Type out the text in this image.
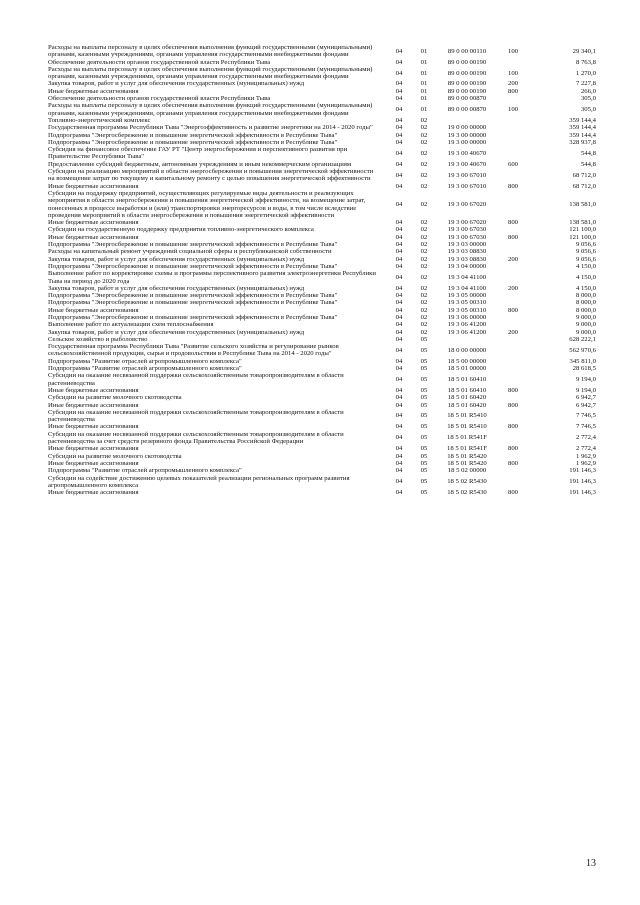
Расходы на выплаты персоналу в целях обеспечения выполнения функций государственными (муниципальными) органами, казенными учреждениями, органами управления государственными внебюджетными фондами
04	01	89 0 00 00110	100	29 340,1
Обеспечение деятельности органов государственной власти Республики Тыва	04	01	89 0 00 00190	8 763,8
Расходы на выплаты персоналу в целях обеспечения выполнения функций государственными (муниципальными) органами, казенными учреждениями, органами управления государственными внебюджетными фондами
04	01	89 0 00 00190	100	1 270,0
Закупка товаров, работ и услуг для обеспечения государственных (муниципальных) нужд	04	01	89 0 00 00190	200	7 227,8
Иные бюджетные ассигнования	04	01	89 0 00 00190	800	266,0
Обеспечение деятельности органов государственной власти Республики Тыва	04	01	89 0 00 00870	305,0
Расходы на выплаты персоналу в целях обеспечения выполнения функций государственными (муниципальными) органами, казенными учреждениями, органами управления государственными внебюджетными фондами
04	01	89 0 00 00870	100	305,0
Топливно-энергетический комплекс	04	02	359 144,4
Государственная программа Республики Тыва "Энергоэффективность и развитие энергетики на 2014 - 2020 годы"	04	02	19 0 00 00000	359 144,4
Подпрограмма "Энергосбережение и повышение энергетической эффективности в Республике Тыва"	04	02	19 3 00 00000	359 144,4
Подпрограмма "Энергосбережение и повышение энергетической эффективности в Республике Тыва"	04	02	19 3 00 00000	328 937,8
Субсидия на финансовое обеспечение ГАУ РТ "Центр энергосбережения и перспективного развития при Правительстве Республики Тыва"
04	02	19 3 00 40670	544,8
Предоставление субсидий бюджетным, автономным учреждениям и иным некоммерческим организациям	04	02	19 3 00 40670	600	544,8
Субсидии на реализацию мероприятий в области энергосбережения и повышения энергетической эффективности на возмещение затрат по текущему и капитальному ремонту с целью повышения энергетической эффективности
04	02	19 3 00 67010	68 712,0
Иные бюджетные ассигнования	04	02	19 3 00 67010	800	68 712,0
Субсидии на поддержку предприятий, осуществляющих регулируемые виды деятельности и реализующих мероприятия в области энергосбережения и повышения энергетической эффективности, на возмещение затрат, понесенных в процессе выработки и (или) транспортировки энергоресурсов и воды, в том числе вследствие проведения мероприятий в области энергосбережения и повышения энергетической эффективности
04	02	19 3 00 67020	138 581,0
Иные бюджетные ассигнования	04	02	19 3 00 67020	800	138 581,0
Субсидии на государственную поддержку предприятия топливно-энергетического комплекса	04	02	19 3 00 67030	121 100,0
Иные бюджетные ассигнования	04	02	19 3 00 67030	800	121 100,0
Подпрограмма "Энергосбережение и повышение энергетической эффективности в Республике Тыва"	04	02	19 3 03 00000	9 056,6
Расходы на капитальный ремонт учреждений социальной сферы и республиканской собственности	04	02	19 3 03 08830	9 056,6
Закупка товаров, работ и услуг для обеспечения государственных (муниципальных) нужд	04	02	19 3 03 08830	200	9 056,6
Подпрограмма "Энергосбережение и повышение энергетической эффективности в Республике Тыва"	04	02	19 3 04 00000	4 150,0
Выполнение работ по корректировке схемы и программы перспективного развития электроэнергетики Республики Тыва на период до 2020 года
04	02	19 3 04 41100	4 150,0
Закупка товаров, работ и услуг для обеспечения государственных (муниципальных) нужд	04	02	19 3 04 41100	200	4 150,0
Подпрограмма "Энергосбережение и повышение энергетической эффективности в Республике Тыва"	04	02	19 3 05 00000	8 000,0
Подпрограмма "Энергосбережение и повышение энергетической эффективности в Республике Тыва"	04	02	19 3 05 00310	8 000,0
Иные бюджетные ассигнования	04	02	19 3 05 00310	800	8 000,0
Подпрограмма "Энергосбережение и повышение энергетической эффективности в Республике Тыва"	04	02	19 3 06 00000	9 000,0
Выполнение работ по актуализации схем теплоснабжения	04	02	19 3 06 41200	9 000,0
Закупка товаров, работ и услуг для обеспечения государственных (муниципальных) нужд	04	02	19 3 06 41200	200	9 000,0
Сельское хозяйство и рыболовство	04	05	628 222,1
Государственная программа Республики Тыва "Развитие сельского хозяйства и регулирование рынков сельскохозяйственной продукции, сырья и продовольствия в Республике Тыва на 2014 - 2020 годы"
04	05	18 0 00 00000	562 970,6
Подпрограмма "Развитие отраслей агропромышленного комплекса"	04	05	18 5 00 00000	345 811,0
Подпрограмма "Развитие отраслей агропромышленного комплекса"	04	05	18 5 01 00000	28 618,5
Субсидии на оказание несвязанной поддержки сельскохозяйственным товаропроизводителям в области растениеводства
04	05	18 5 01 60410	9 194,0
Иные бюджетные ассигнования	04	05	18 5 01 60410	800	9 194,0
Субсидии на развитие молочного скотоводства	04	05	18 5 01 60420	6 942,7
Иные бюджетные ассигнования	04	05	18 5 01 60420	800	6 942,7
Субсидии на оказание несвязанной поддержки сельскохозяйственным товаропроизводителям в области растениеводства
04	05	18 5 01 R5410	7 746,5
Иные бюджетные ассигнования	04	05	18 5 01 R5410	800	7 746,5
Субсидии на оказание несвязанной поддержки сельскохозяйственным товаропроизводителям в области растениеводства за счет средств резервного фонда Правительства Российской Федерации
04	05	18 5 01 R541F	2 772,4
Иные бюджетные ассигнования	04	05	18 5 01 R541F	800	2 772,4
Субсидии на развитие молочного скотоводства	04	05	18 5 01 R5420	1 962,9
Иные бюджетные ассигнования	04	05	18 5 01 R5420	800	1 962,9
Подпрограмма "Развитие отраслей агропромышленного комплекса"	04	05	18 5 02 00000	191 146,3
Субсидии на содействие достижению целевых показателей реализации региональных программ развития агропромышленного комплекса
04	05	18 5 02 R5430	191 146,3
Иные бюджетные ассигнования	04	05	18 5 02 R5430	800	191 146,3
13
